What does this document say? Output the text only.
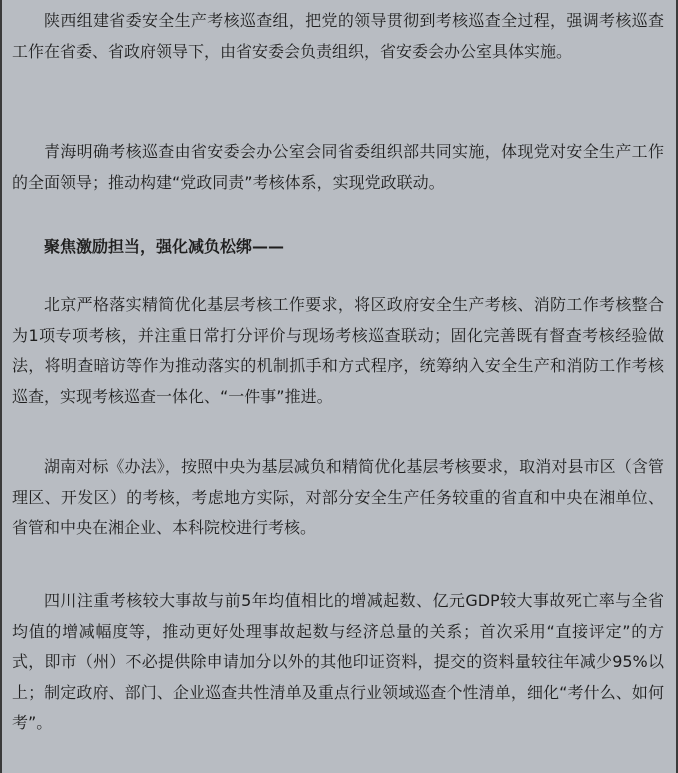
陕西组建省委安全生产考核巡查组，把党的领导贯彻到考核巡查全过程，强调考核巡查工作在省委、省政府领导下，由省安委会负责组织，省安委会办公室具体实施。

青海明确考核巡查由省安委会办公室会同省委组织部共同实施，体现党对安全生产工作的全面领导；推动构建“党政同责”考核体系，实现党政联动。

聚焦激励担当，强化减负松绑——

北京严格落实精简优化基层考核工作要求，将区政府安全生产考核、消防工作考核整合为1项专项考核，并注重日常打分评价与现场考核巡查联动；固化完善既有督查考核经验做法，将明查暗访等作为推动落实的机制抓手和方式程序，统筹纳入安全生产和消防工作考核巡查，实现考核巡查一体化、“一件事”推进。

湖南对标《办法》，按照中央为基层减负和精简优化基层考核要求，取消对县市区（含管理区、开发区）的考核，考虑地方实际，对部分安全生产任务较重的省直和中央在湘单位、省管和中央在湘企业、本科院校进行考核。

四川注重考核较大事故与前5年均值相比的增减起数、亿元GDP较大事故死亡率与全省均值的增减幅度等，推动更好处理事故起数与经济总量的关系；首次采用“直接评定”的方式，即市（州）不必提供除申请加分以外的其他印证资料，提交的资料量较往年减少95%以上；制定政府、部门、企业巡查共性清单及重点行业领域巡查个性清单，细化“考什么、如何考”。
